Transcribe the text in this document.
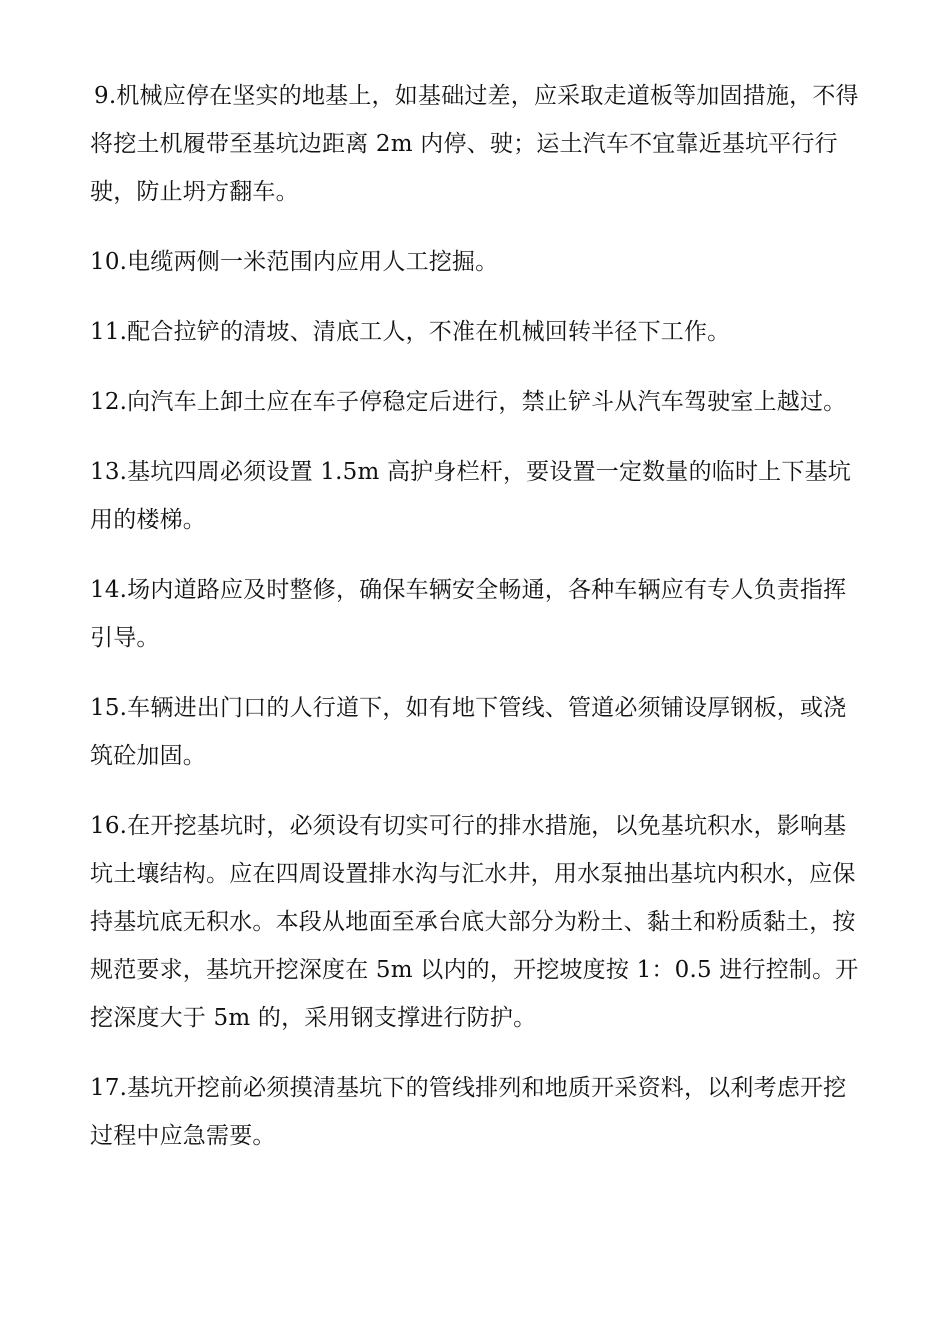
9.机械应停在坚实的地基上，如基础过差，应采取走道板等加固措施，不得将挖土机履带至基坑边距离 2m 内停、驶；运土汽车不宜靠近基坑平行行驶，防止坍方翻车。

10.电缆两侧一米范围内应用人工挖掘。

11.配合拉铲的清坡、清底工人，不准在机械回转半径下工作。

12.向汽车上卸土应在车子停稳定后进行，禁止铲斗从汽车驾驶室上越过。

13.基坑四周必须设置 1.5m 高护身栏杆，要设置一定数量的临时上下基坑用的楼梯。

14.场内道路应及时整修，确保车辆安全畅通，各种车辆应有专人负责指挥引导。

15.车辆进出门口的人行道下，如有地下管线、管道必须铺设厚钢板，或浇筑砼加固。

16.在开挖基坑时，必须设有切实可行的排水措施，以免基坑积水，影响基坑土壤结构。应在四周设置排水沟与汇水井，用水泵抽出基坑内积水，应保持基坑底无积水。本段从地面至承台底大部分为粉土、黏土和粉质黏土，按规范要求，基坑开挖深度在 5m 以内的，开挖坡度按 1：0.5 进行控制。开挖深度大于 5m 的，采用钢支撑进行防护。

17.基坑开挖前必须摸清基坑下的管线排列和地质开采资料，以利考虑开挖过程中应急需要。
